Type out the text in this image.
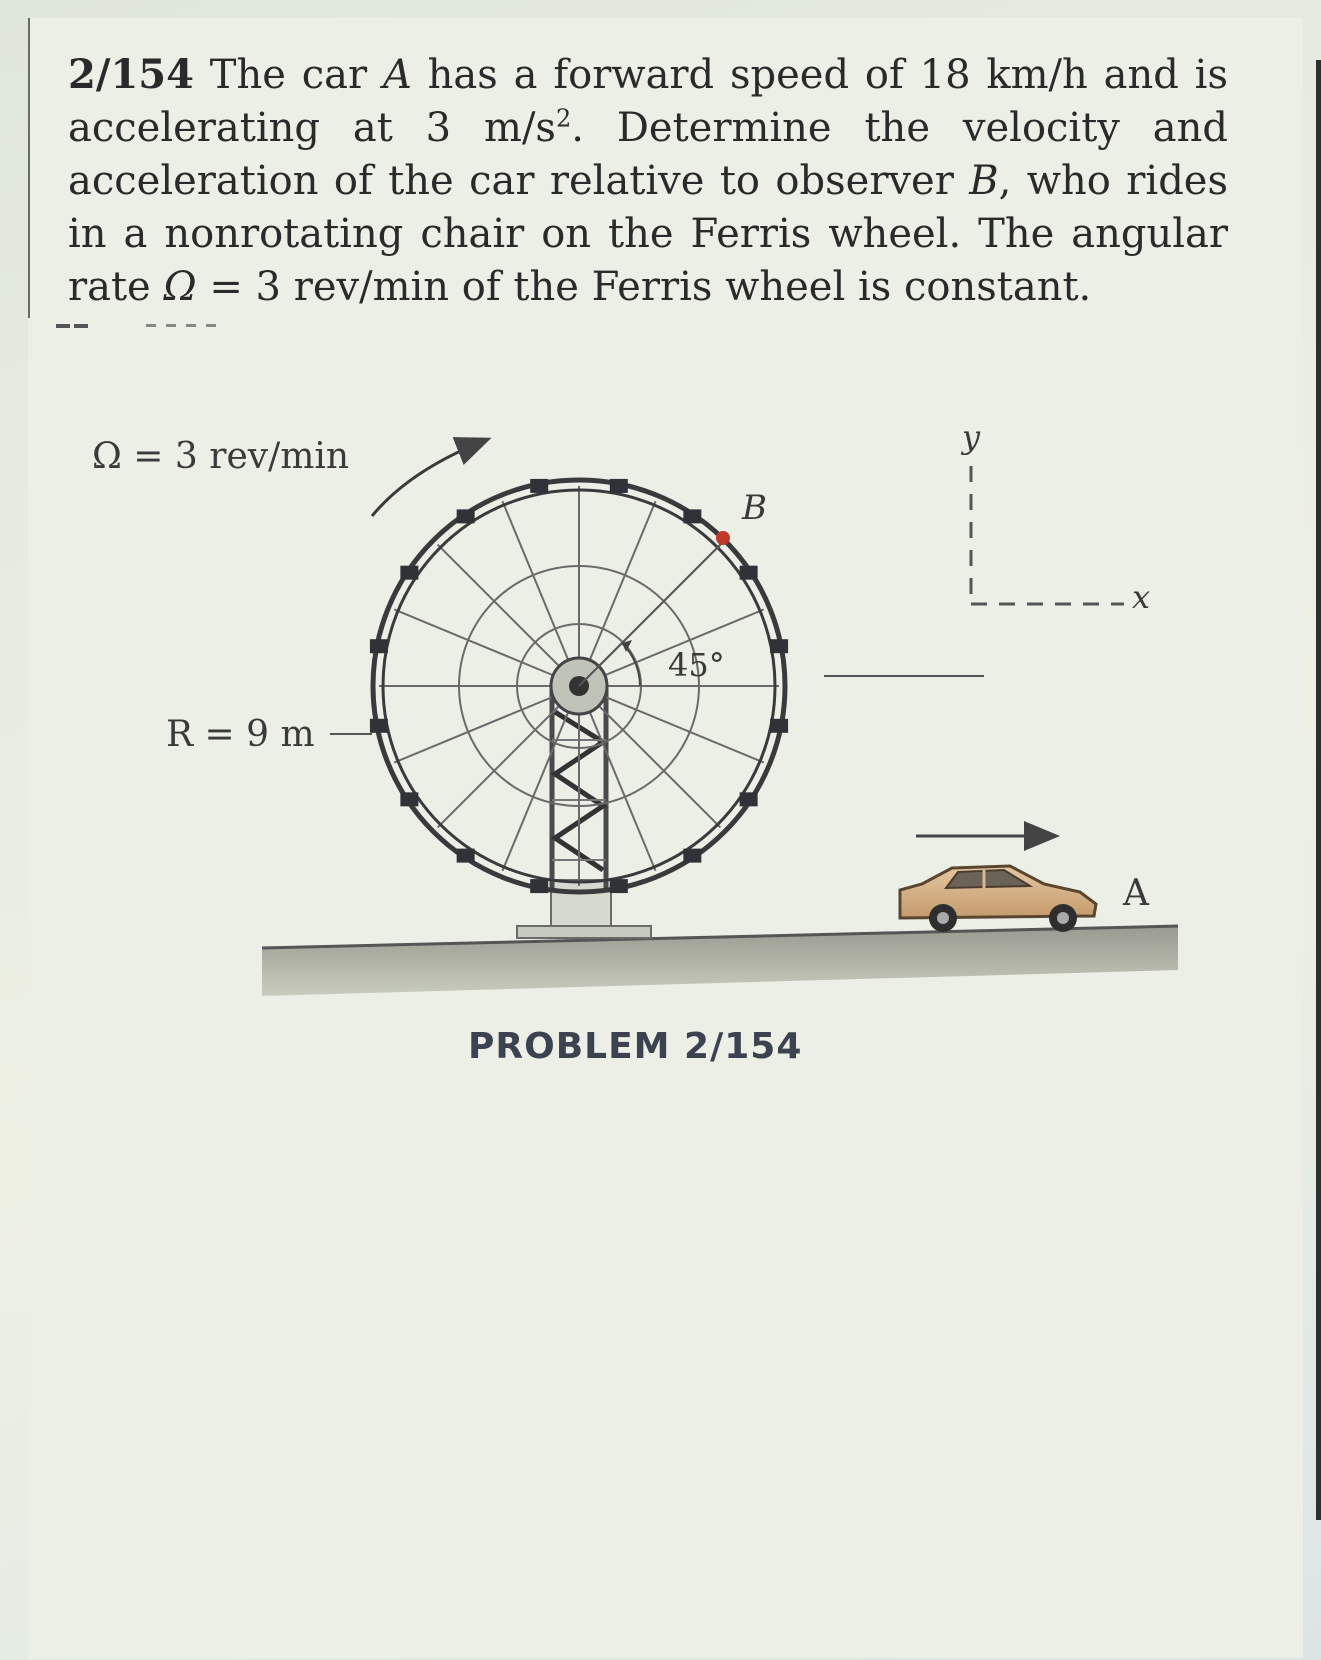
2/154 The car A has a forward speed of 18 km/h and is accelerating at 3 $m/s^2$. Determine the velocity and acceleration of the car relative to observer B, who rides in a nonrotating chair on the Ferris wheel. The angular rate Ω = 3 rev/min of the Ferris wheel is constant.

Ω = 3 rev/min

R = 9 m

45°

B

A

y

x

PROBLEM 2/154
